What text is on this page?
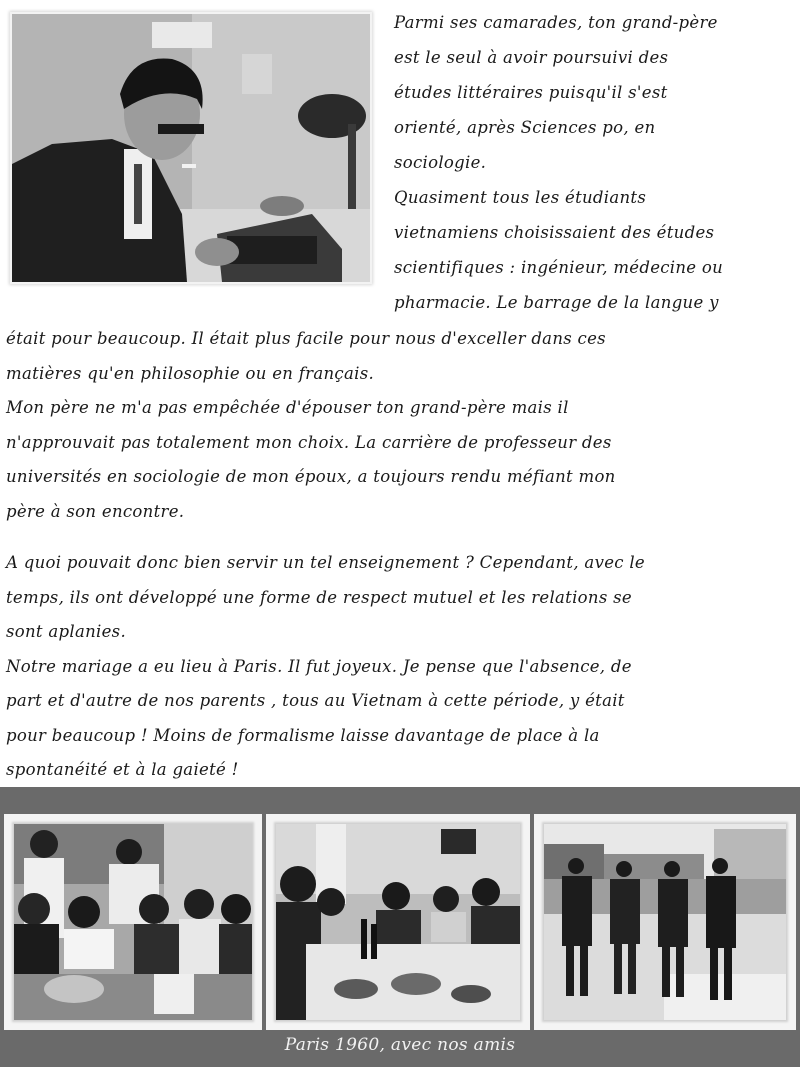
Parmi ses camarades, ton grand-père

est le seul à avoir poursuivi des

études littéraires puisqu'il s'est

orienté, après Sciences po, en

sociologie.

Quasiment tous les étudiants

vietnamiens choisissaient des études

scientifiques : ingénieur, médecine ou

pharmacie. Le barrage de la langue y

était pour beaucoup. Il était plus facile pour nous d'exceller dans ces

matières qu'en philosophie ou en français.

Mon père ne m'a pas empêchée d'épouser ton grand-père mais il

n'approuvait pas totalement mon choix. La carrière de professeur des

universités en sociologie de mon époux, a toujours rendu méfiant mon

père à son encontre.

A quoi pouvait donc bien servir un tel enseignement ? Cependant, avec le

temps, ils ont développé une forme de respect mutuel et les relations se

sont aplanies.

Notre mariage a eu lieu à Paris. Il fut joyeux. Je pense que l'absence, de

part et d'autre de nos parents , tous au Vietnam à cette période, y était

pour beaucoup ! Moins de formalisme laisse davantage de place à la

spontanéité et à la gaieté !

Paris 1960, avec nos amis
